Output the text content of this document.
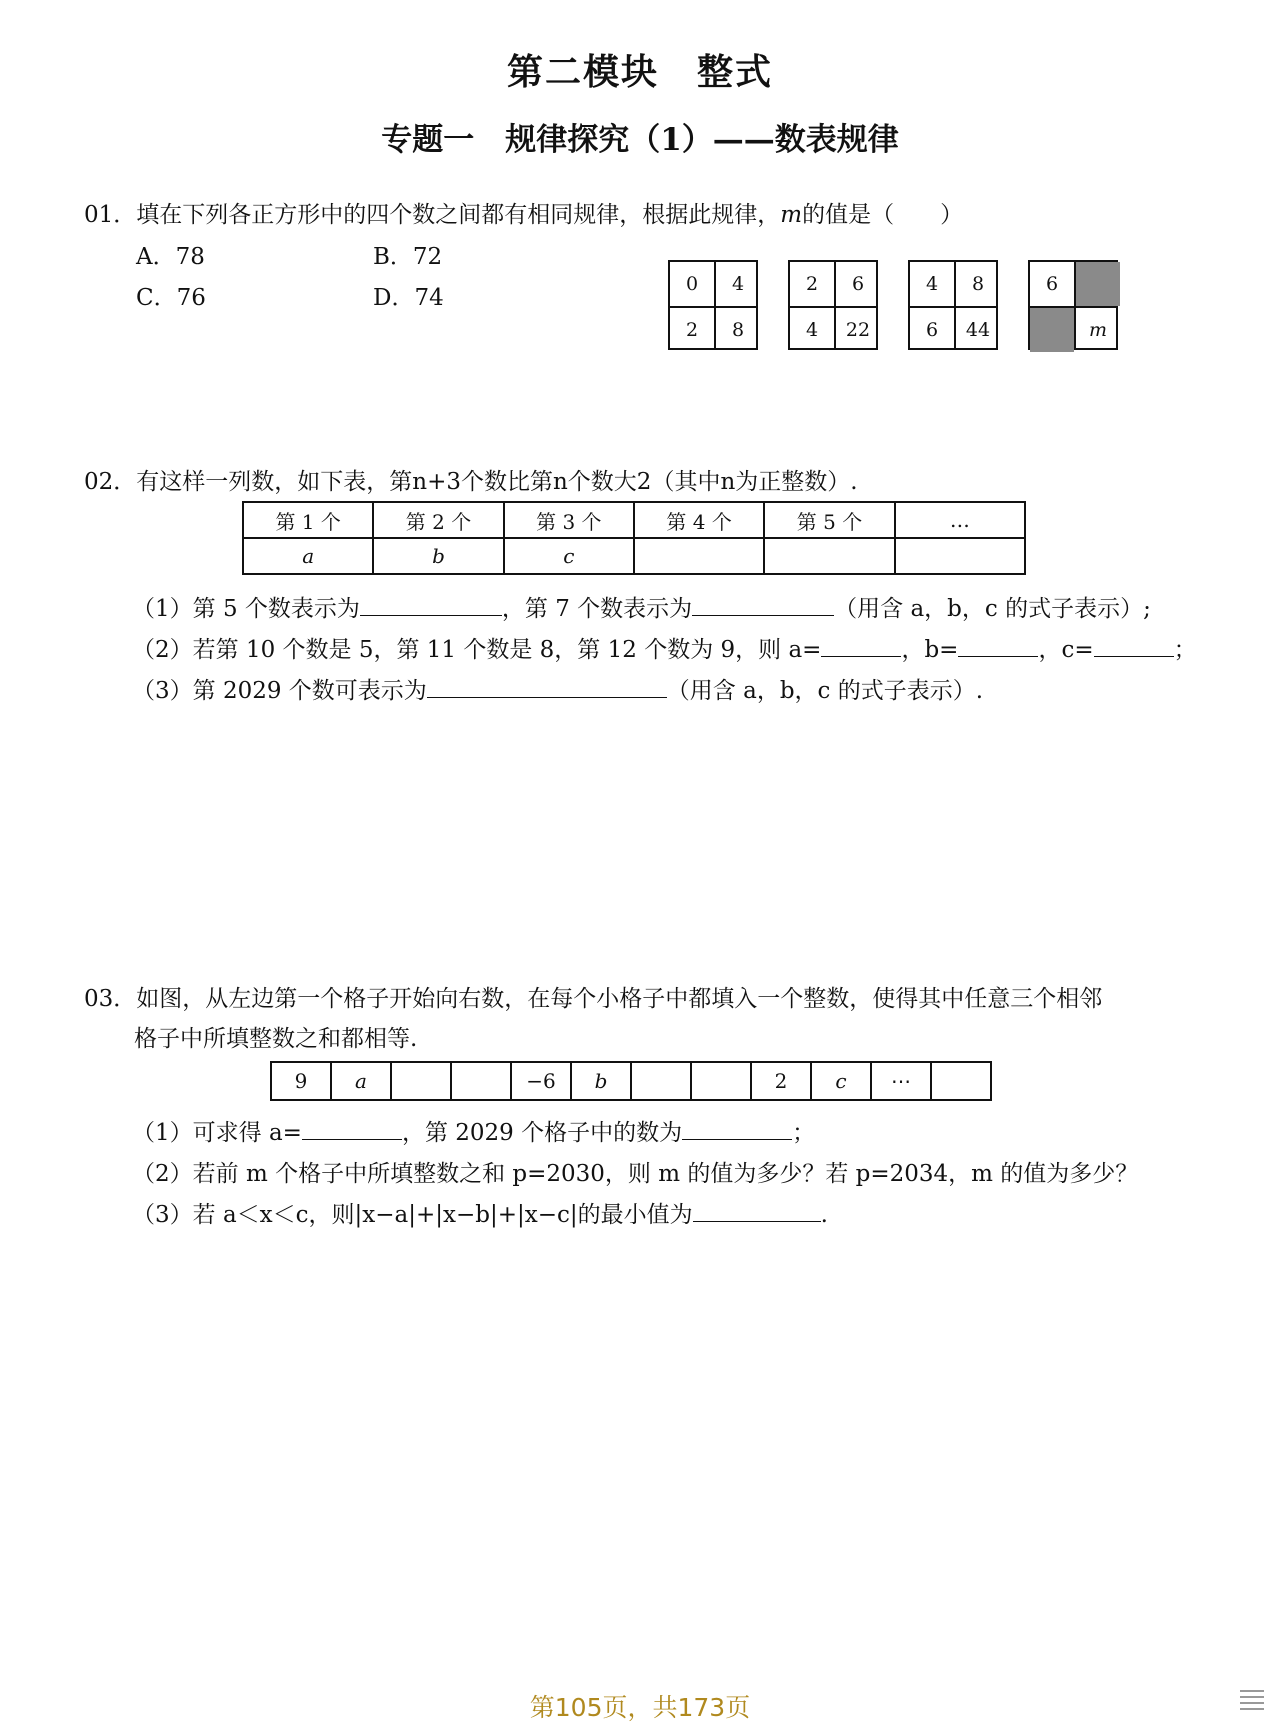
第二模块　整式
专题一　规律探究（1）——数表规律
01．填在下列各正方形中的四个数之间都有相同规律，根据此规律，m的值是（　　）
A．78	B．72
C．76	D．74
0	4
2	8
2	6
4	22
4	8
6	44
6
m
02．有这样一列数，如下表，第n+3个数比第n个数大2（其中n为正整数）.
第 1 个	第 2 个	第 3 个	第 4 个	第 5 个	…
a	b	c			
（1）第 5 个数表示为	，第 7 个数表示为	（用含 a，b，c 的式子表示）;
（2）若第 10 个数是 5，第 11 个数是 8，第 12 个数为 9，则 a=	，b=	，c=	；
（3）第 2029 个数可表示为	（用含 a，b，c 的式子表示）.
03．如图，从左边第一个格子开始向右数，在每个小格子中都填入一个整数，使得其中任意三个相邻
格子中所填整数之和都相等.
9	a			−6	b			2	c	⋯	
（1）可求得 a=	，第 2029 个格子中的数为	；
（2）若前 m 个格子中所填整数之和 p=2030，则 m 的值为多少？若 p=2034，m 的值为多少？
（3）若 a＜x＜c，则|x−a|+|x−b|+|x−c|的最小值为	.
第105页，共173页
